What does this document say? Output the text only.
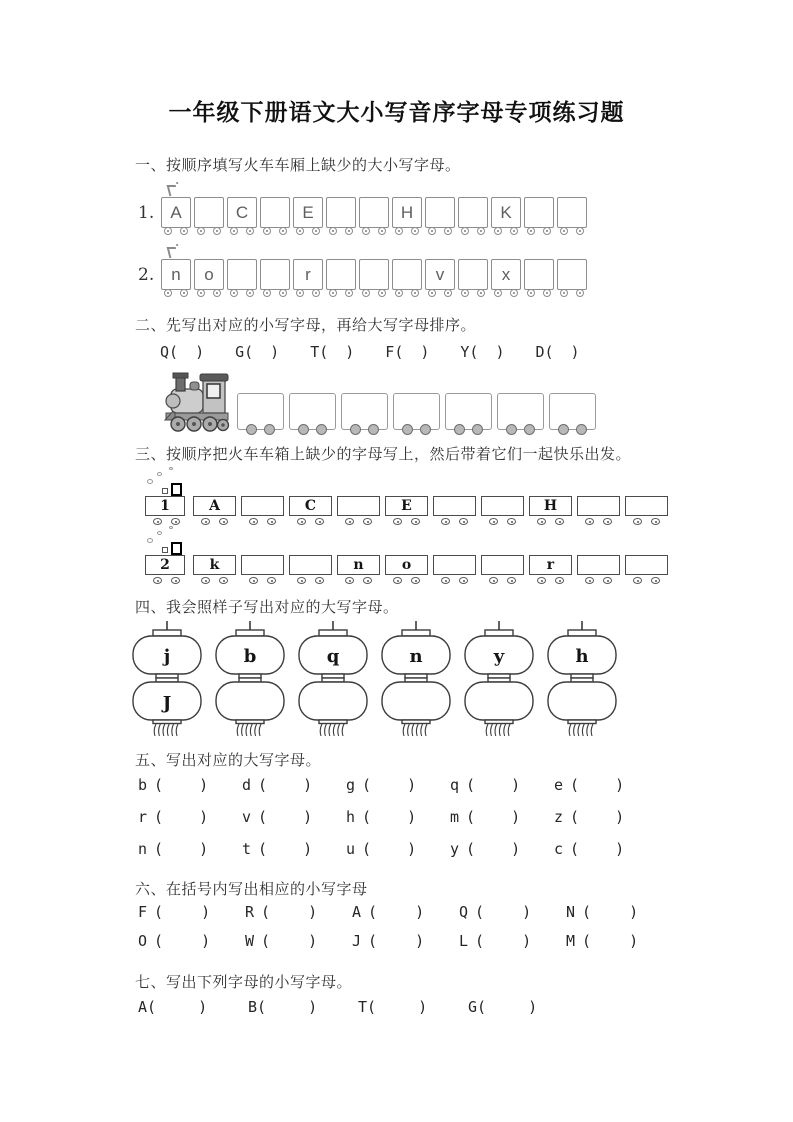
一年级下册语文大小写音序字母专项练习题
一、按顺序填写火车车厢上缺少的大小写字母。
1. A	C	E	H	K
2.	n	o	r	v	x
二、先写出对应的小写字母，再给大写字母排序。
Q ( ) G ( ) T ( ) F ( ) Y ( ) D ( )
三、按顺序把火车车箱上缺少的字母写上，然后带着它们一起快乐出发。
1	A	C	E	H
2	k	n	o	r
四、我会照样子写出对应的大写字母。
j
J
b	q	n	y	h
五、写出对应的大写字母。
b ( ) d ( ) g ( ) q ( ) e ( )
r ( ) v ( ) h ( ) m ( ) z ( )
n ( ) t ( ) u ( ) y ( ) c ( )
六、在括号内写出相应的小写字母
F (	) R (	) A (	) Q (	) N (	)
O (	) W (	) J (	) L (	) M (	)
七、写出下列字母的小写字母。
A (	)	B (	)	T (	)	G (	)
